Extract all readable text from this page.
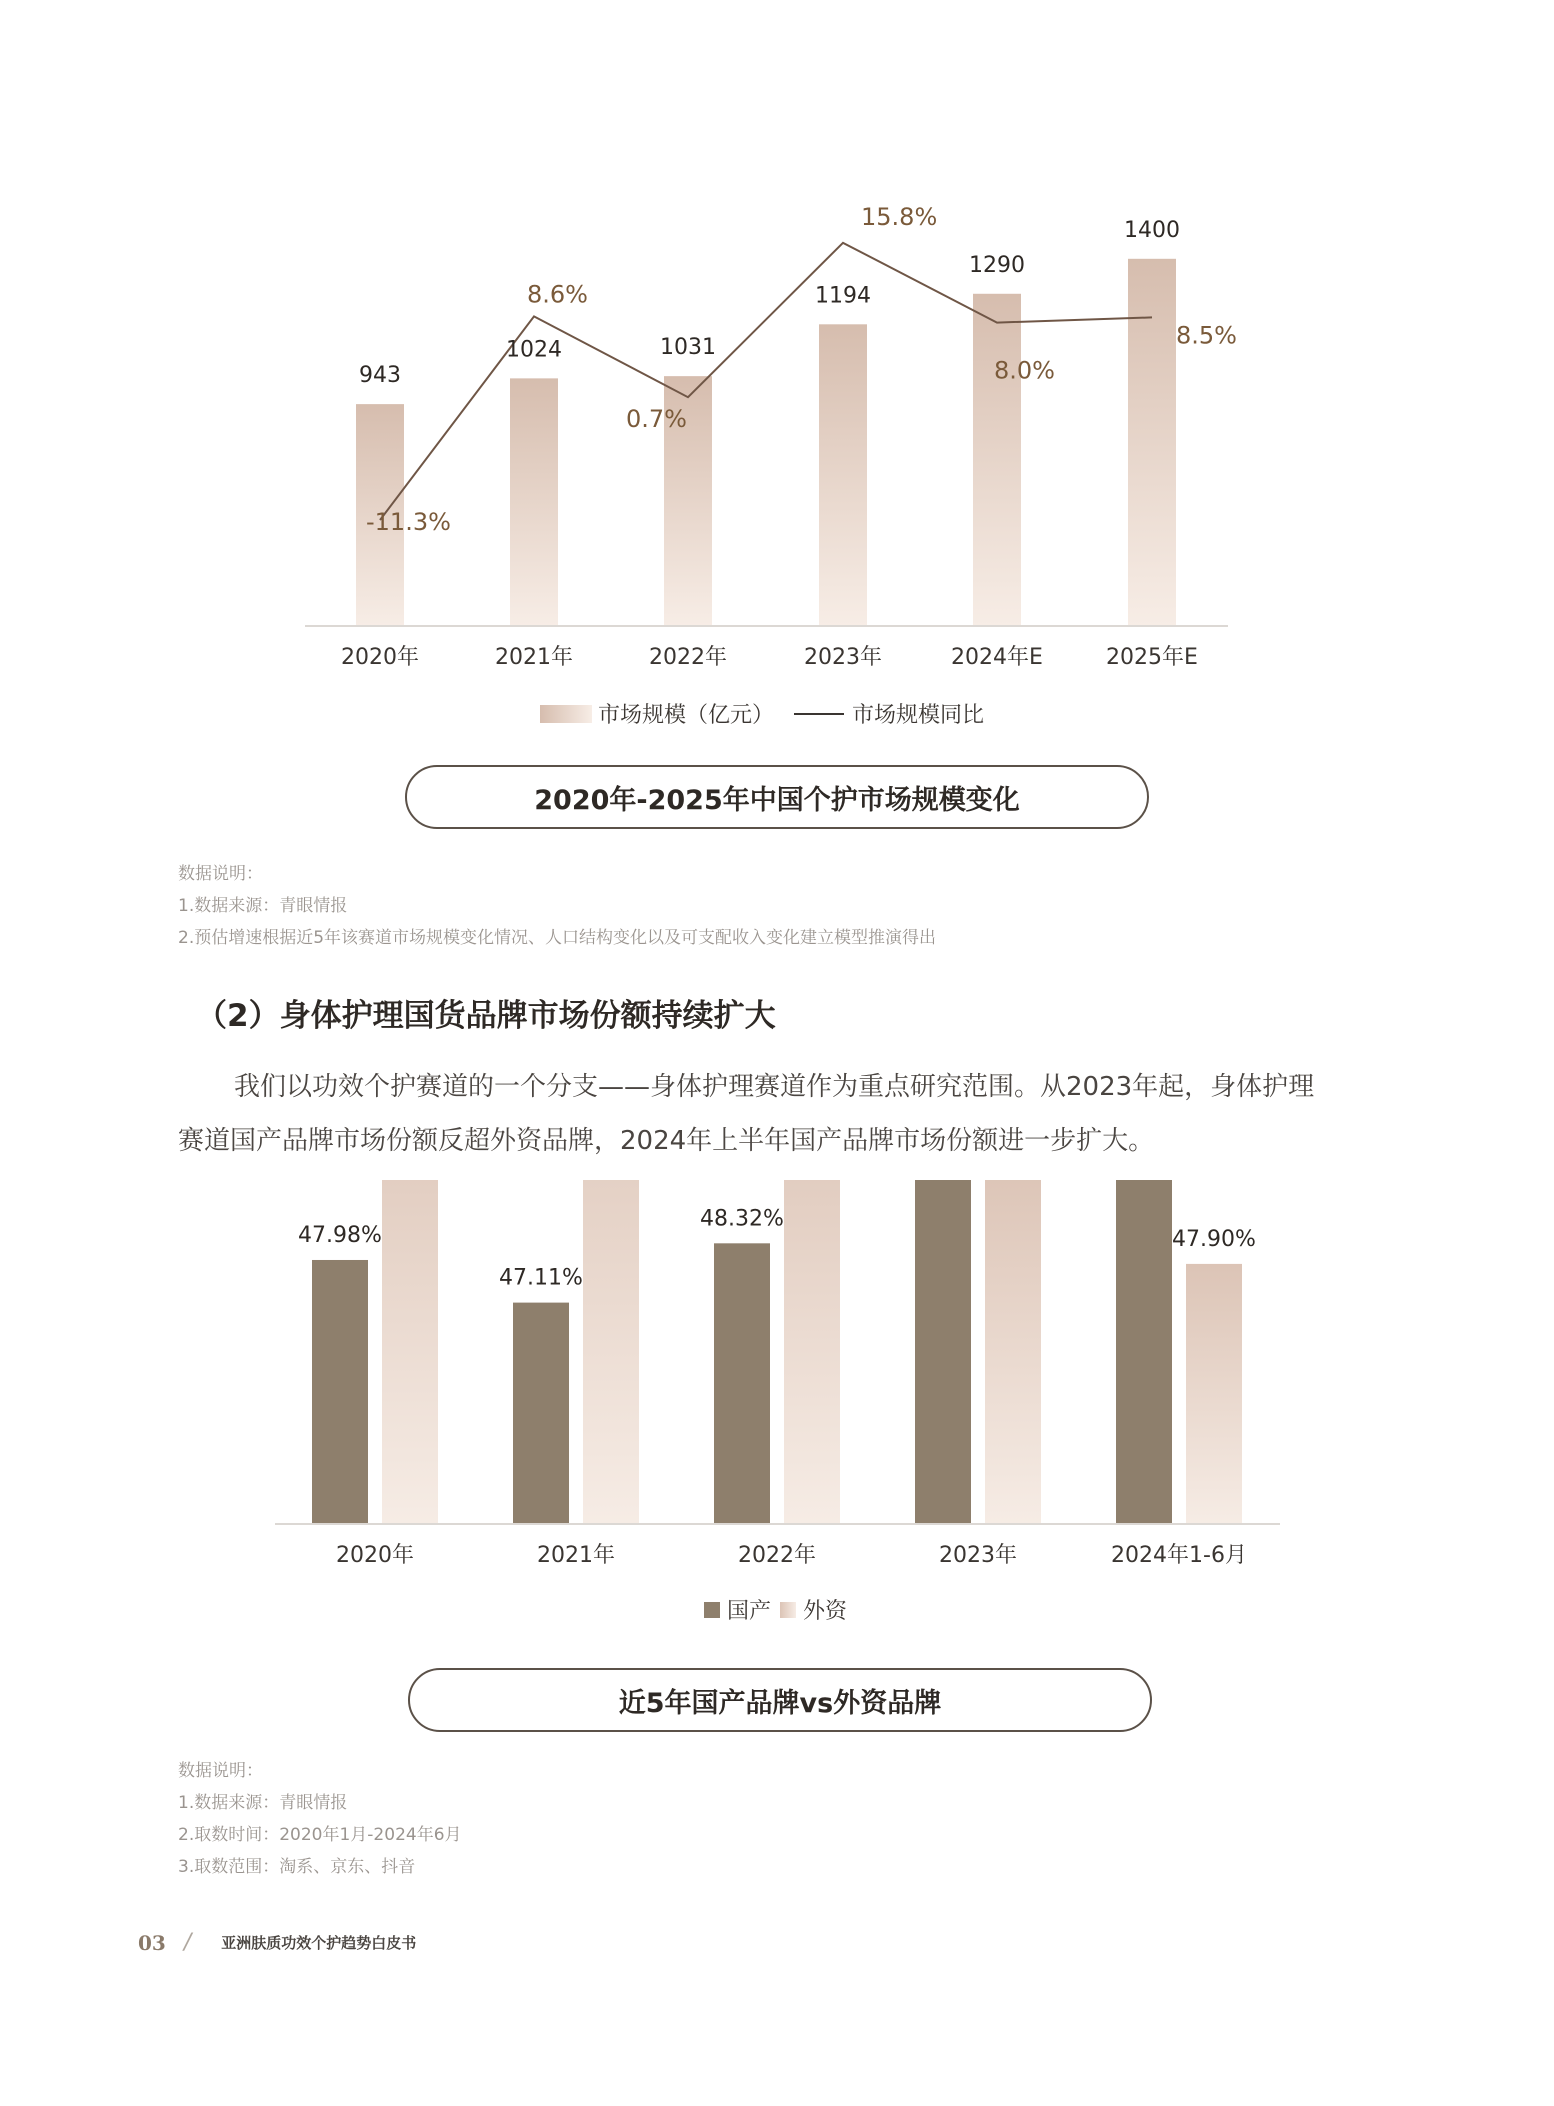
943
2020年
-11.3%
1024
2021年
8.6%
1031
2022年
0.7%
1194
2023年
15.8%
1290
2024年E
8.0%
1400
2025年E
8.5%
市场规模（亿元）	市场规模同比
2020年-2025年中国个护市场规模变化
数据说明：
1.数据来源：青眼情报
2.预估增速根据近5年该赛道市场规模变化情况、人口结构变化以及可支配收入变化建立模型推演得出
（2）身体护理国货品牌市场份额持续扩大
我们以功效个护赛道的一个分支——身体护理赛道作为重点研究范围。从2023年起，身体护理
赛道国产品牌市场份额反超外资品牌，2024年上半年国产品牌市场份额进一步扩大。
47.98%
2020年
47.11%
2021年
48.32%
2022年	2023年
47.90%
2024年1-6月
国产 外资
近5年国产品牌vs外资品牌
数据说明：
1.数据来源：青眼情报
2.取数时间：2020年1月-2024年6月
3.取数范围：淘系、京东、抖音
03 / 亚洲肤质功效个护趋势白皮书
